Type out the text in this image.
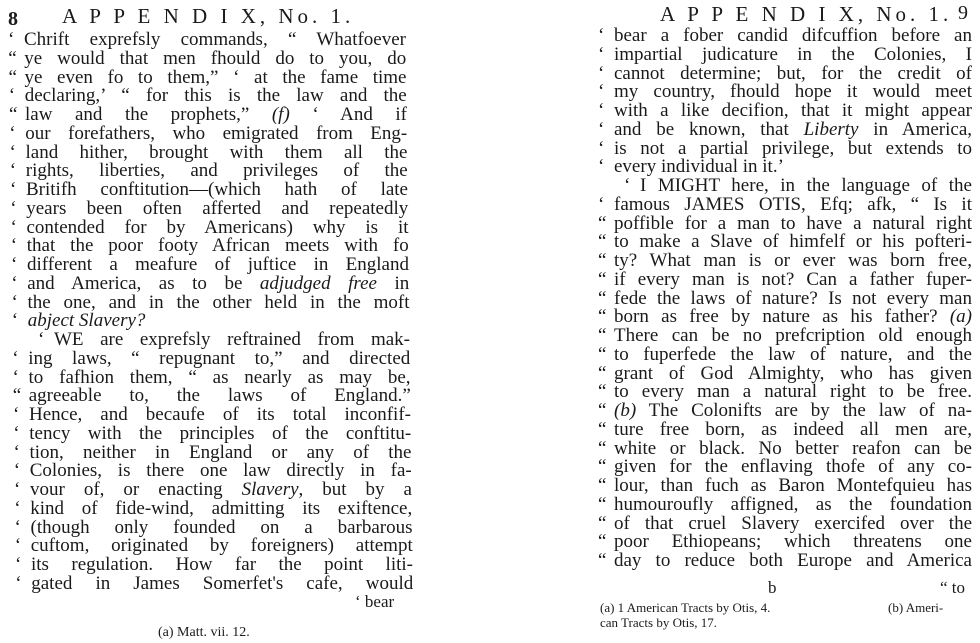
8 A P P E N D I X, No. 1.
‘ Chrift exprefsly commands, “ Whatfoever
“ ye would that men fhould do to you, do
“ ye even fo to them,” ‘ at the fame time
‘ declaring,’ “ for this is the law and the
“ law and the prophets,” (f) ‘ And if
‘ our forefathers, who emigrated from Eng-
‘ land hither, brought with them all the
‘ rights, liberties, and privileges of the
‘ Britifh conftitution—(which hath of late
‘ years been often afferted and repeatedly
‘ contended for by Americans) why is it
‘ that the poor footy African meets with fo
‘ different a meafure of juftice in England
‘ and America, as to be adjudged free in
‘ the one, and in the other held in the moft
‘ abject Slavery?
‘ WE are exprefsly reftrained from mak-
‘ ing laws, “ repugnant to,” and directed
‘ to fafhion them, “ as nearly as may be,
“ agreeable to, the laws of England.”
‘ Hence, and becaufe of its total inconfif-
‘ tency with the principles of the conftitu-
‘ tion, neither in England or any of the
‘ Colonies, is there one law directly in fa-
‘ vour of, or enacting Slavery, but by a
‘ kind of fide-wind, admitting its exiftence,
‘ (though only founded on a barbarous
‘ cuftom, originated by foreigners) attempt
‘ its regulation. How far the point liti-
‘ gated in James Somerfet's cafe, would
‘ bear
(a) Matt. vii. 12.
A P P E N D I X, No. 1. 9
‘ bear a fober candid difcuffion before an
‘ impartial judicature in the Colonies, I
‘ cannot determine; but, for the credit of
‘ my country, fhould hope it would meet
‘ with a like decifion, that it might appear
‘ and be known, that Liberty in America,
‘ is not a partial privilege, but extends to
‘ every individual in it.’
‘ I MIGHT here, in the language of the
‘ famous JAMES OTIS, Efq; afk, “ Is it
“ poffible for a man to have a natural right
“ to make a Slave of himfelf or his pofteri-
“ ty? What man is or ever was born free,
“ if every man is not? Can a father fuper-
“ fede the laws of nature? Is not every man
“ born as free by nature as his father? (a)
“ There can be no prefcription old enough
“ to fuperfede the law of nature, and the
“ grant of God Almighty, who has given
“ to every man a natural right to be free.
“ (b) The Colonifts are by the law of na-
“ ture free born, as indeed all men are,
“ white or black. No better reafon can be
“ given for the enflaving thofe of any co-
“ lour, than fuch as Baron Montefquieu has
“ humouroufly affigned, as the foundation
“ of that cruel Slavery exercifed over the
“ poor Ethiopeans; which threatens one
“ day to reduce both Europe and America
b	“ to
(a) 1 American Tracts by Otis, 4.	(b) Ameri-
can Tracts by Otis, 17.
